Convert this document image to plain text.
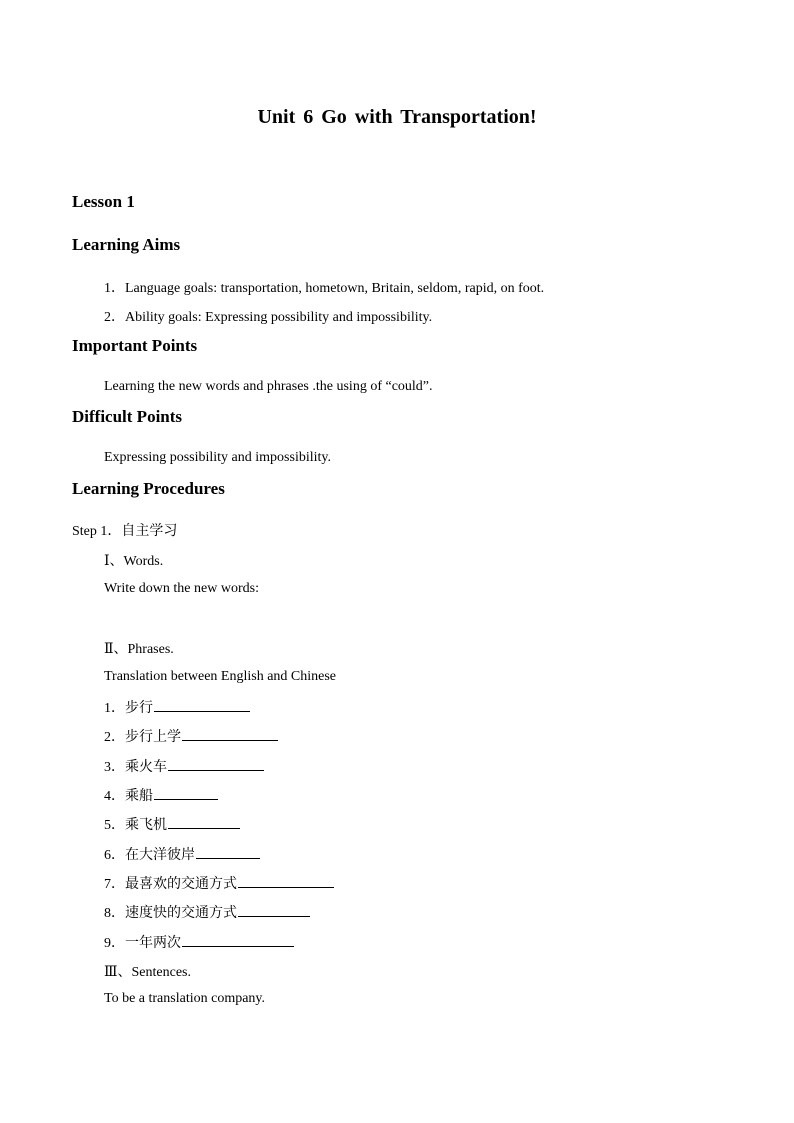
Unit 6 Go with Transportation!
Lesson 1
Learning Aims
1．Language goals: transportation, hometown, Britain, seldom, rapid, on foot.
2．Ability goals: Expressing possibility and impossibility.
Important Points
Learning the new words and phrases .the using of “could”.
Difficult Points
Expressing possibility and impossibility.
Learning Procedures
Step 1．自主学习
Ⅰ、Words.
Write down the new words:
Ⅱ、Phrases.
Translation between English and Chinese
1．步行
2．步行上学
3．乘火车
4．乘船
5．乘飞机
6．在大洋彼岸
7．最喜欢的交通方式
8．速度快的交通方式
9．一年两次
Ⅲ、Sentences.
To be a translation company.
